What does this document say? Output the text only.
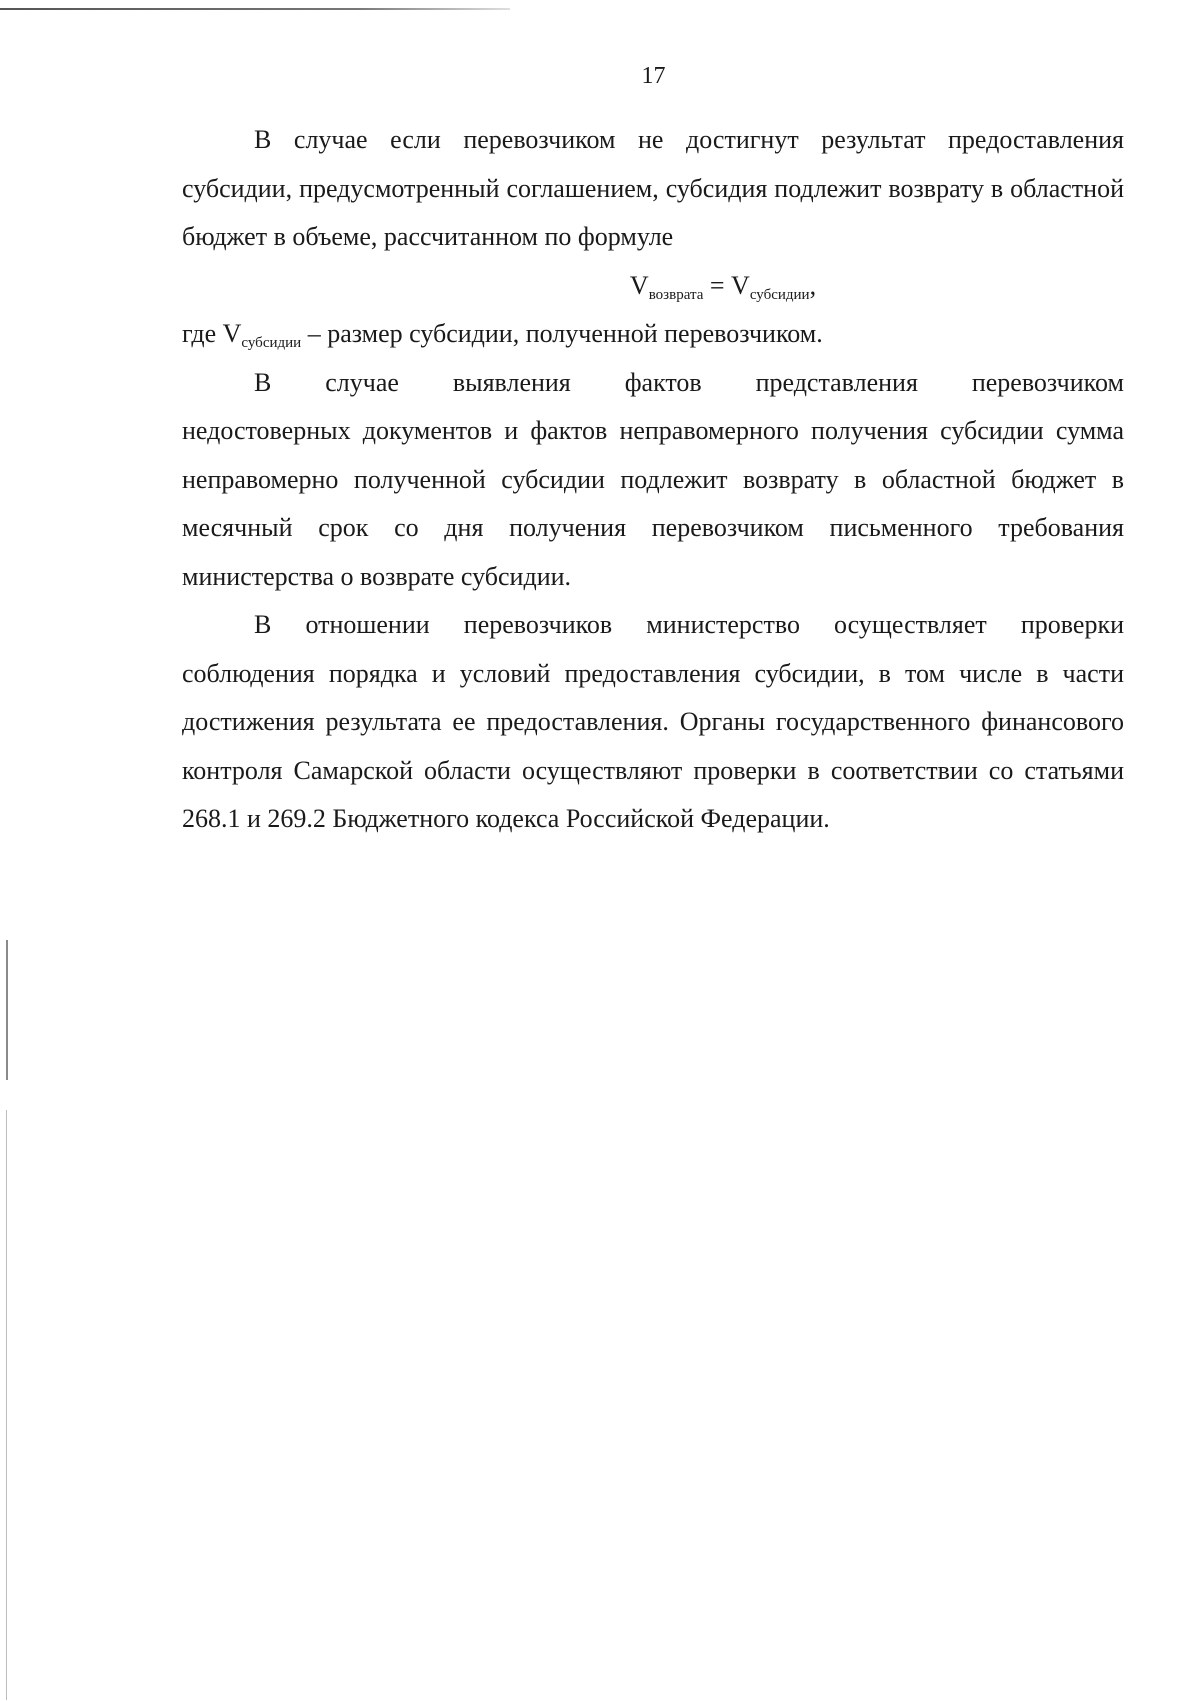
17

В случае если перевозчиком не достигнут результат предоставления субсидии, предусмотренный соглашением, субсидия подлежит возврату в областной бюджет в объеме, рассчитанном по формуле

$V_{возврата} = V_{субсидии}$,

где $V_{субсидии}$ – размер субсидии, полученной перевозчиком.

В случае выявления фактов представления перевозчиком

недостоверных документов и фактов неправомерного получения субсидии сумма неправомерно полученной субсидии подлежит возврату в областной бюджет в месячный срок со дня получения перевозчиком письменного требования министерства о возврате субсидии.

В отношении перевозчиков министерство осуществляет проверки соблюдения порядка и условий предоставления субсидии, в том числе в части достижения результата ее предоставления. Органы государственного финансового контроля Самарской области осуществляют проверки в соответствии со статьями 268.1 и 269.2 Бюджетного кодекса Российской Федерации.
